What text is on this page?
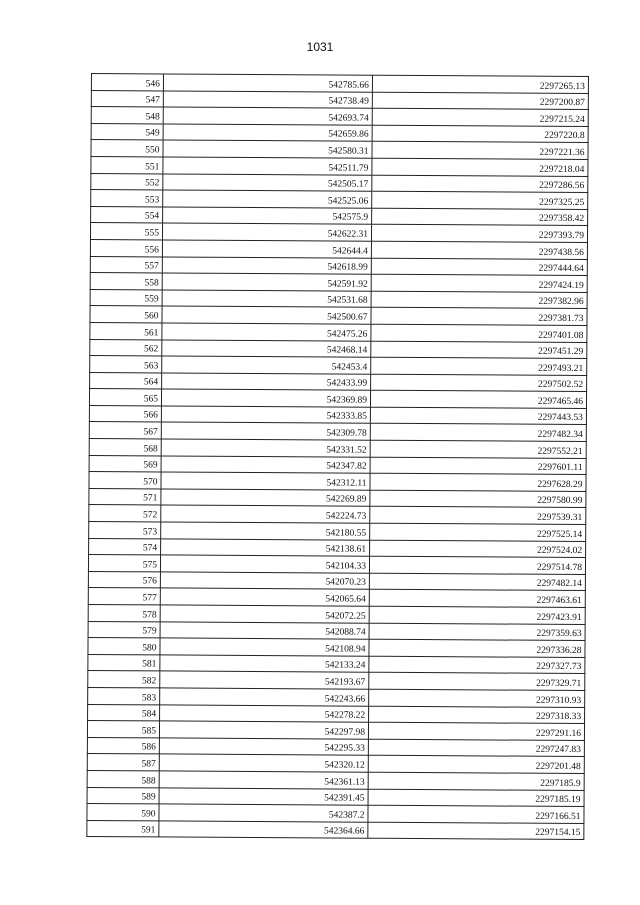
1031
546	542785.66	2297265.13
547	542738.49	2297200.87
548	542693.74	2297215.24
549	542659.86	2297220.8
550	542580.31	2297221.36
551	542511.79	2297218.04
552	542505.17	2297286.56
553	542525.06	2297325.25
554	542575.9	2297358.42
555	542622.31	2297393.79
556	542644.4	2297438.56
557	542618.99	2297444.64
558	542591.92	2297424.19
559	542531.68	2297382.96
560	542500.67	2297381.73
561	542475.26	2297401.08
562	542468.14	2297451.29
563	542453.4	2297493.21
564	542433.99	2297502.52
565	542369.89	2297465.46
566	542333.85	2297443.53
567	542309.78	2297482.34
568	542331.52	2297552.21
569	542347.82	2297601.11
570	542312.11	2297628.29
571	542269.89	2297580.99
572	542224.73	2297539.31
573	542180.55	2297525.14
574	542138.61	2297524.02
575	542104.33	2297514.78
576	542070.23	2297482.14
577	542065.64	2297463.61
578	542072.25	2297423.91
579	542088.74	2297359.63
580	542108.94	2297336.28
581	542133.24	2297327.73
582	542193.67	2297329.71
583	542243.66	2297310.93
584	542278.22	2297318.33
585	542297.98	2297291.16
586	542295.33	2297247.83
587	542320.12	2297201.48
588	542361.13	2297185.9
589	542391.45	2297185.19
590	542387.2	2297166.51
591	542364.66	2297154.15
